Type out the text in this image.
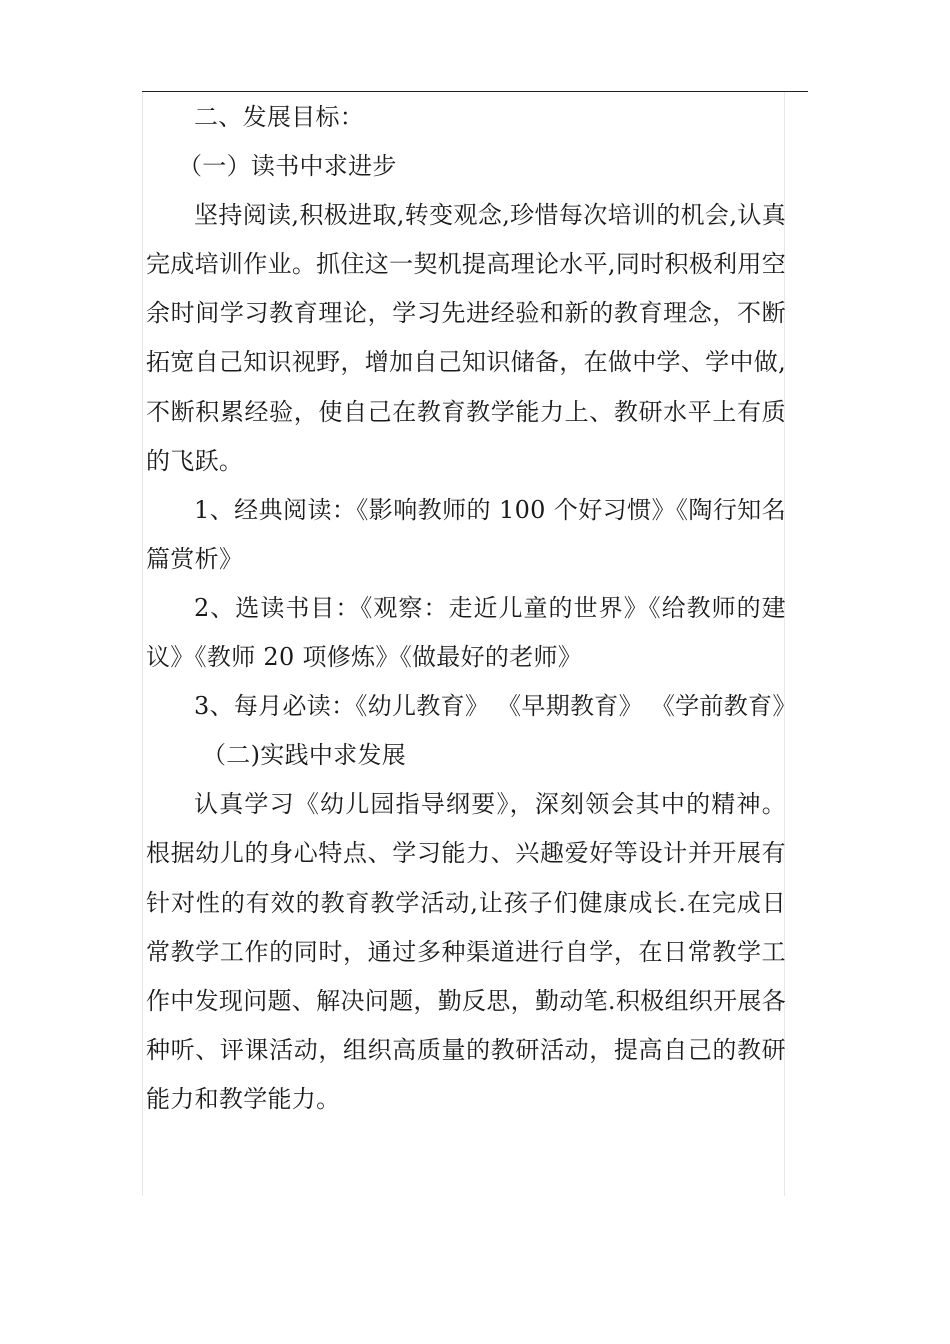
二、发展目标：

（一）读书中求进步

坚持阅读,积极进取,转变观念,珍惜每次培训的机会,认真完成培训作业。抓住这一契机提高理论水平,同时积极利用空余时间学习教育理论，学习先进经验和新的教育理念，不断拓宽自己知识视野，增加自己知识储备，在做中学、学中做,不断积累经验，使自己在教育教学能力上、教研水平上有质的飞跃。

1、经典阅读：《影响教师的 100 个好习惯》《陶行知名篇赏析》

2、选读书目：《观察：走近儿童的世界》《给教师的建议》《教师 20 项修炼》《做最好的老师》

3、每月必读：《幼儿教育》 《早期教育》 《学前教育》

（二)实践中求发展

认真学习《幼儿园指导纲要》，深刻领会其中的精神。根据幼儿的身心特点、学习能力、兴趣爱好等设计并开展有针对性的有效的教育教学活动,让孩子们健康成长.在完成日常教学工作的同时，通过多种渠道进行自学，在日常教学工作中发现问题、解决问题，勤反思，勤动笔.积极组织开展各种听、评课活动，组织高质量的教研活动，提高自己的教研能力和教学能力。
